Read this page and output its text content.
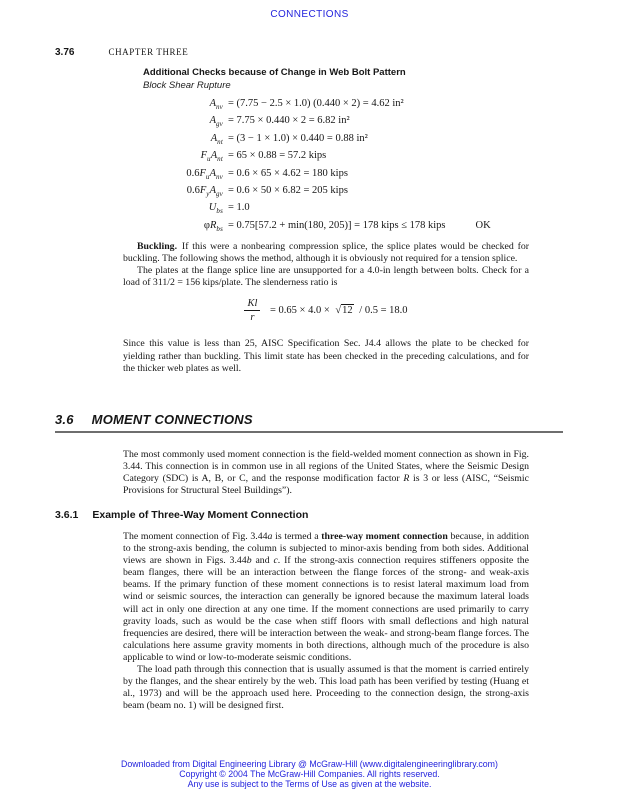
CONNECTIONS
3.76	CHAPTER THREE
Additional Checks because of Change in Web Bolt Pattern
Block Shear Rupture
$A_{nv} = (7.75 - 2.5 \times 1.0) (0.440 \times 2) = 4.62$ in²
$A_{gv} = 7.75 \times 0.440 \times 2 = 6.82$ in²
$A_{nt} = (3 - 1 \times 1.0) \times 0.440 = 0.88$ in²
$F_uA_{nt} = 65 \times 0.88 = 57.2$ kips
$0.6F_uA_{nv} = 0.6 \times 65 \times 4.62 = 180$ kips
$0.6F_yA_{gv} = 0.6 \times 50 \times 6.82 = 205$ kips
$U_{bs} = 1.0$
$\varphi R_{bs} = 0.75[57.2 + \min(180$, 205)] = 178 kips ≤ 178 kips	OK

Buckling. If this were a nonbearing compression splice, the splice plates would be checked for buckling. The following shows the method, although it is obviously not required for a tension splice.

The plates at the flange splice line are unsupported for a 4.0-in length between bolts. Check for a load of 311/2 = 156 kips/plate. The slenderness ratio is

$\frac{Kl}{r} = 0.65 \times 4.0 \times √12 / 0.5 = 18.0$

Since this value is less than 25, AISC Specification Sec. J4.4 allows the plate to be checked for yielding rather than buckling. This limit state has been checked in the preceding calculations, and for the thicker web plates as well.

3.6 MOMENT CONNECTIONS

The most commonly used moment connection is the field-welded moment connection as shown in Fig. 3.44. This connection is in common use in all regions of the United States, where the Seismic Design Category (SDC) is A, B, or C, and the response modification factor R is 3 or less (AISC, “Seismic Provisions for Structural Steel Buildings”).

3.6.1 Example of Three-Way Moment Connection

The moment connection of Fig. 3.44a is termed a three-way moment connection because, in addition to the strong-axis bending, the column is subjected to minor-axis bending from both sides. Additional views are shown in Figs. 3.44b and c. If the strong-axis connection requires stiffeners opposite the beam flanges, there will be an interaction between the flange forces of the strong- and weak-axis beams. If the primary function of these moment connections is to resist lateral maximum load from wind or seismic sources, the interaction can generally be ignored because the maximum lateral loads will act in only one direction at any one time. If the moment connections are used primarily to carry gravity loads, such as would be the case when stiff floors with small deflections and high natural frequencies are desired, there will be interaction between the weak- and strong-beam flange forces. The calculations here assume gravity moments in both directions, although much of the procedure is also applicable to wind or low-to-moderate seismic conditions.

The load path through this connection that is usually assumed is that the moment is carried entirely by the flanges, and the shear entirely by the web. This load path has been verified by testing (Huang et al., 1973) and will be the approach used here. Proceeding to the connection design, the strong-axis beam (beam no. 1) will be designed first.

Downloaded from Digital Engineering Library @ McGraw-Hill (www.digitalengineeringlibrary.com)
Copyright © 2004 The McGraw-Hill Companies. All rights reserved.
Any use is subject to the Terms of Use as given at the website.
